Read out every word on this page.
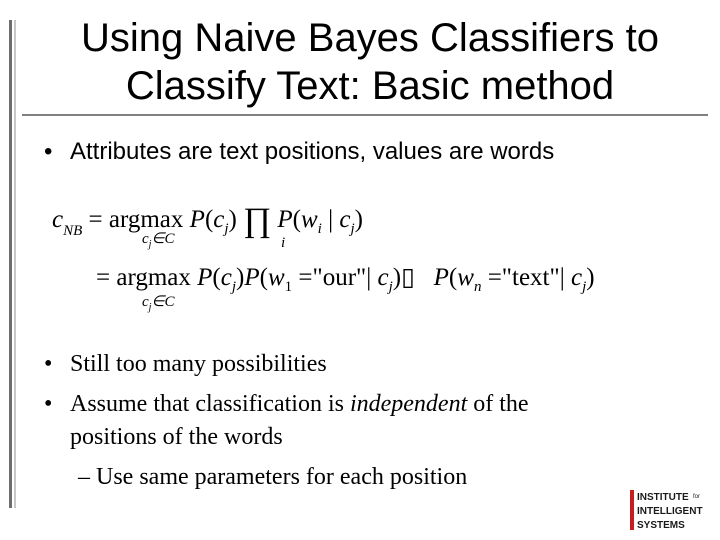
Using Naive Bayes Classifiers to
Classify Text: Basic method
• Attributes are text positions, values are words
$c_{NB} = argmax$ $P(c_j)$ ∏ $P(w_i$ | $c_j$)
$c_j\in C$	i
= argmax $P(c_j)P(w_1$ ="our"| $c_j)▯$ $P(w_n$ ="text"| $c_j$)
$c_j\in C$
• Still too many possibilities
• Assume that classification is independent of the
positions of the words
– Use same parameters for each position
INSTITUTE for
INTELLIGENT
SYSTEMS
